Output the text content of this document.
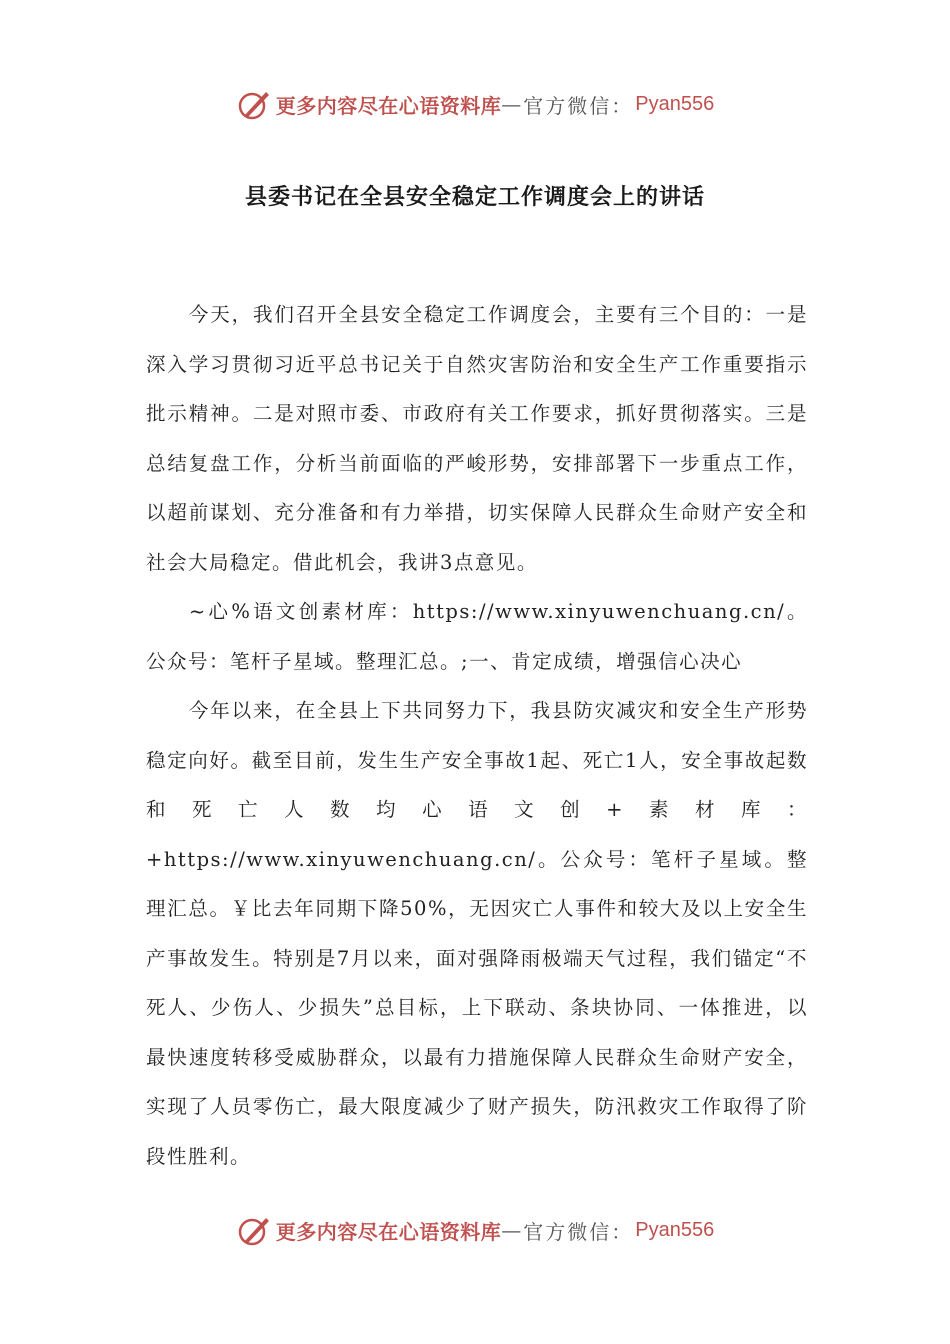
更多内容尽在心语资料库 — 官方微信： Pyan556
县委书记在全县安全稳定工作调度会上的讲话

今天，我们召开全县安全稳定工作调度会，主要有三个目的：一是深入学习贯彻习近平总书记关于自然灾害防治和安全生产工作重要指示批示精神。二是对照市委、市政府有关工作要求，抓好贯彻落实。三是总结复盘工作，分析当前面临的严峻形势，安排部署下一步重点工作，以超前谋划、充分准备和有力举措，切实保障人民群众生命财产安全和社会大局稳定。借此机会，我讲3点意见。

~心%语文创素材库：https://www.xinyuwenchuang.cn/。公众号：笔杆子星域。整理汇总。;一、肯定成绩，增强信心决心

今年以来，在全县上下共同努力下，我县防灾减灾和安全生产形势稳定向好。截至目前，发生生产安全事故1起、死亡1人，安全事故起数和死亡人数均心语文创+素材库：+https://www.xinyuwenchuang.cn/。公众号：笔杆子星域。整理汇总。￥比去年同期下降50%，无因灾亡人事件和较大及以上安全生产事故发生。特别是7月以来，面对强降雨极端天气过程，我们锚定“不死人、少伤人、少损失”总目标，上下联动、条块协同、一体推进，以最快速度转移受威胁群众，以最有力措施保障人民群众生命财产安全，实现了人员零伤亡，最大限度减少了财产损失，防汛救灾工作取得了阶段性胜利。

更多内容尽在心语资料库 — 官方微信： Pyan556
